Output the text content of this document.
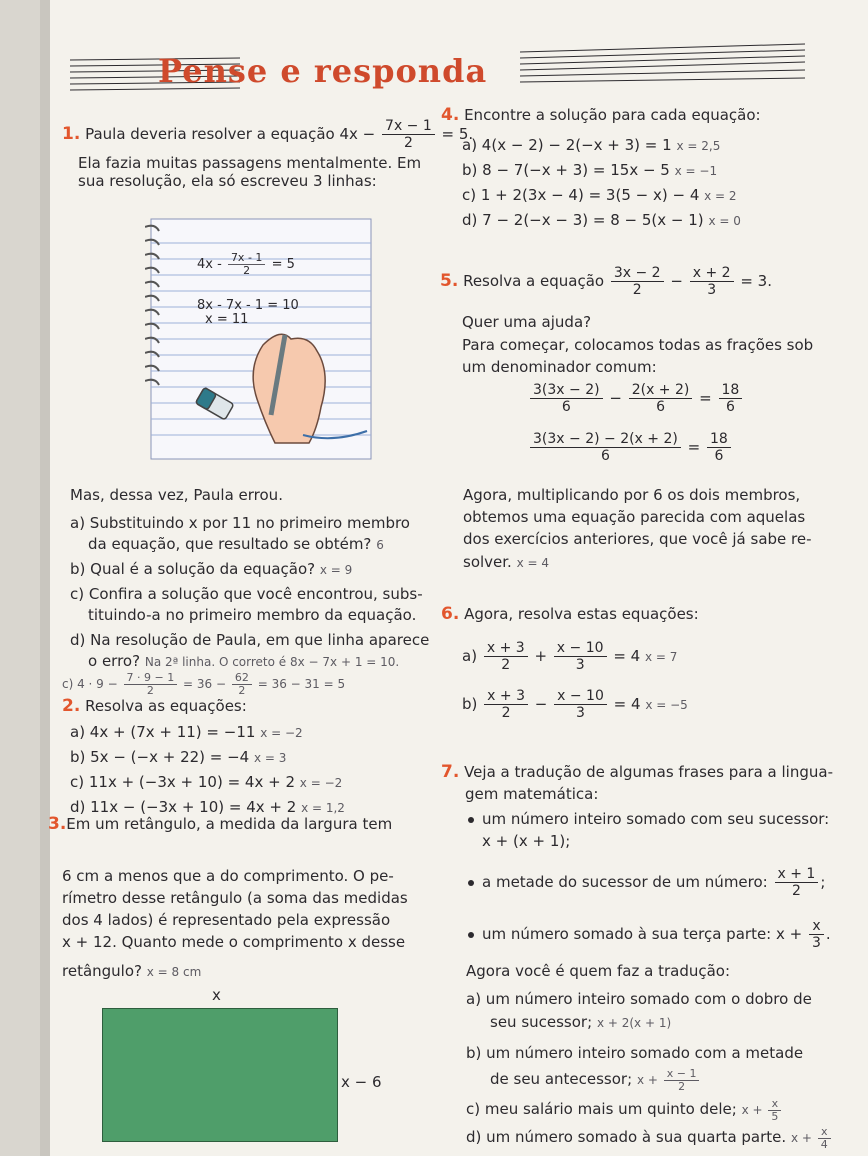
Pense e responda
1. Paula deveria resolver a equação $4x - \frac{7x - 1}{2} = 5$.
Ela fazia muitas passagens mentalmente. Em
sua resolução, ela só escreveu 3 linhas:
$4x - \frac{7x - 1}{2} = 5$
8x - 7x - 1 = 10
x = 11
Mas, dessa vez, Paula errou.
a) Substituindo x por 11 no primeiro membro
da equação, que resultado se obtém? 6
b) Qual é a solução da equação? x = 9
c) Confira a solução que você encontrou, subs-
tituindo-a no primeiro membro da equação.
d) Na resolução de Paula, em que linha aparece
o erro? Na 2ª linha. O correto é 8x − 7x + 1 = 10.
c) $4 \cdot 9 - \frac{7 \cdot 9 - 1}{2} = 36 - \frac{62}{2} = 36 - 31 = 5$
2. Resolva as equações:
a) 4x + (7x + 11) = −11 x = −2
b) 5x − (−x + 22) = −4 x = 3
c) 11x + (−3x + 10) = 4x + 2 x = −2
d) 11x − (−3x + 10) = 4x + 2 x = 1,2
3.Em um retângulo, a medida da largura tem
6 cm a menos que a do comprimento. O pe-
rímetro desse retângulo (a soma das medidas
dos 4 lados) é representado pela expressão
x + 12. Quanto mede o comprimento x desse
retângulo? x = 8 cm
x
x − 6
4. Encontre a solução para cada equação:
a) 4(x − 2) − 2(−x + 3) = 1 x = 2,5
b) 8 − 7(−x + 3) = 15x − 5 x = −1
c) 1 + 2(3x − 4) = 3(5 − x) − 4 x = 2
d) 7 − 2(−x − 3) = 8 − 5(x − 1) x = 0
5. Resolva a equação $\frac{3x - 2}{2} - \frac{x + 2}{3} = 3$.
Quer uma ajuda?
Para começar, colocamos todas as frações sob
um denominador comum:
$\frac{3(3x - 2)}{6} - \frac{2(x + 2)}{6} = \frac{18}{6}$
$\frac{3(3x - 2) - 2(x + 2)}{6} = \frac{18}{6}$
Agora, multiplicando por 6 os dois membros,
obtemos uma equação parecida com aquelas
dos exercícios anteriores, que você já sabe re-
solver. x = 4
6. Agora, resolva estas equações:
$a) \frac{x + 3}{2} + \frac{x - 10}{3} = 4$ x = 7
$b) \frac{x + 3}{2} - \frac{x - 10}{3} = 4$ x = −5
7. Veja a tradução de algumas frases para a lingua-
gem matemática:
um número inteiro somado com seu sucessor:
x + (x + 1);
a metade do sucessor de um número: $\frac{x + 1}{2}$ ;
um número somado à sua terça parte: $x + \frac{x}{3}$ .
Agora você é quem faz a tradução:
a) um número inteiro somado com o dobro de
seu sucessor; x + 2(x + 1)
b) um número inteiro somado com a metade
de seu antecessor; $x + \frac{x - 1}{2}$
c) meu salário mais um quinto dele; $x + \frac{x}{5}$
d) um número somado à sua quarta parte. $x + \frac{x}{4}$
